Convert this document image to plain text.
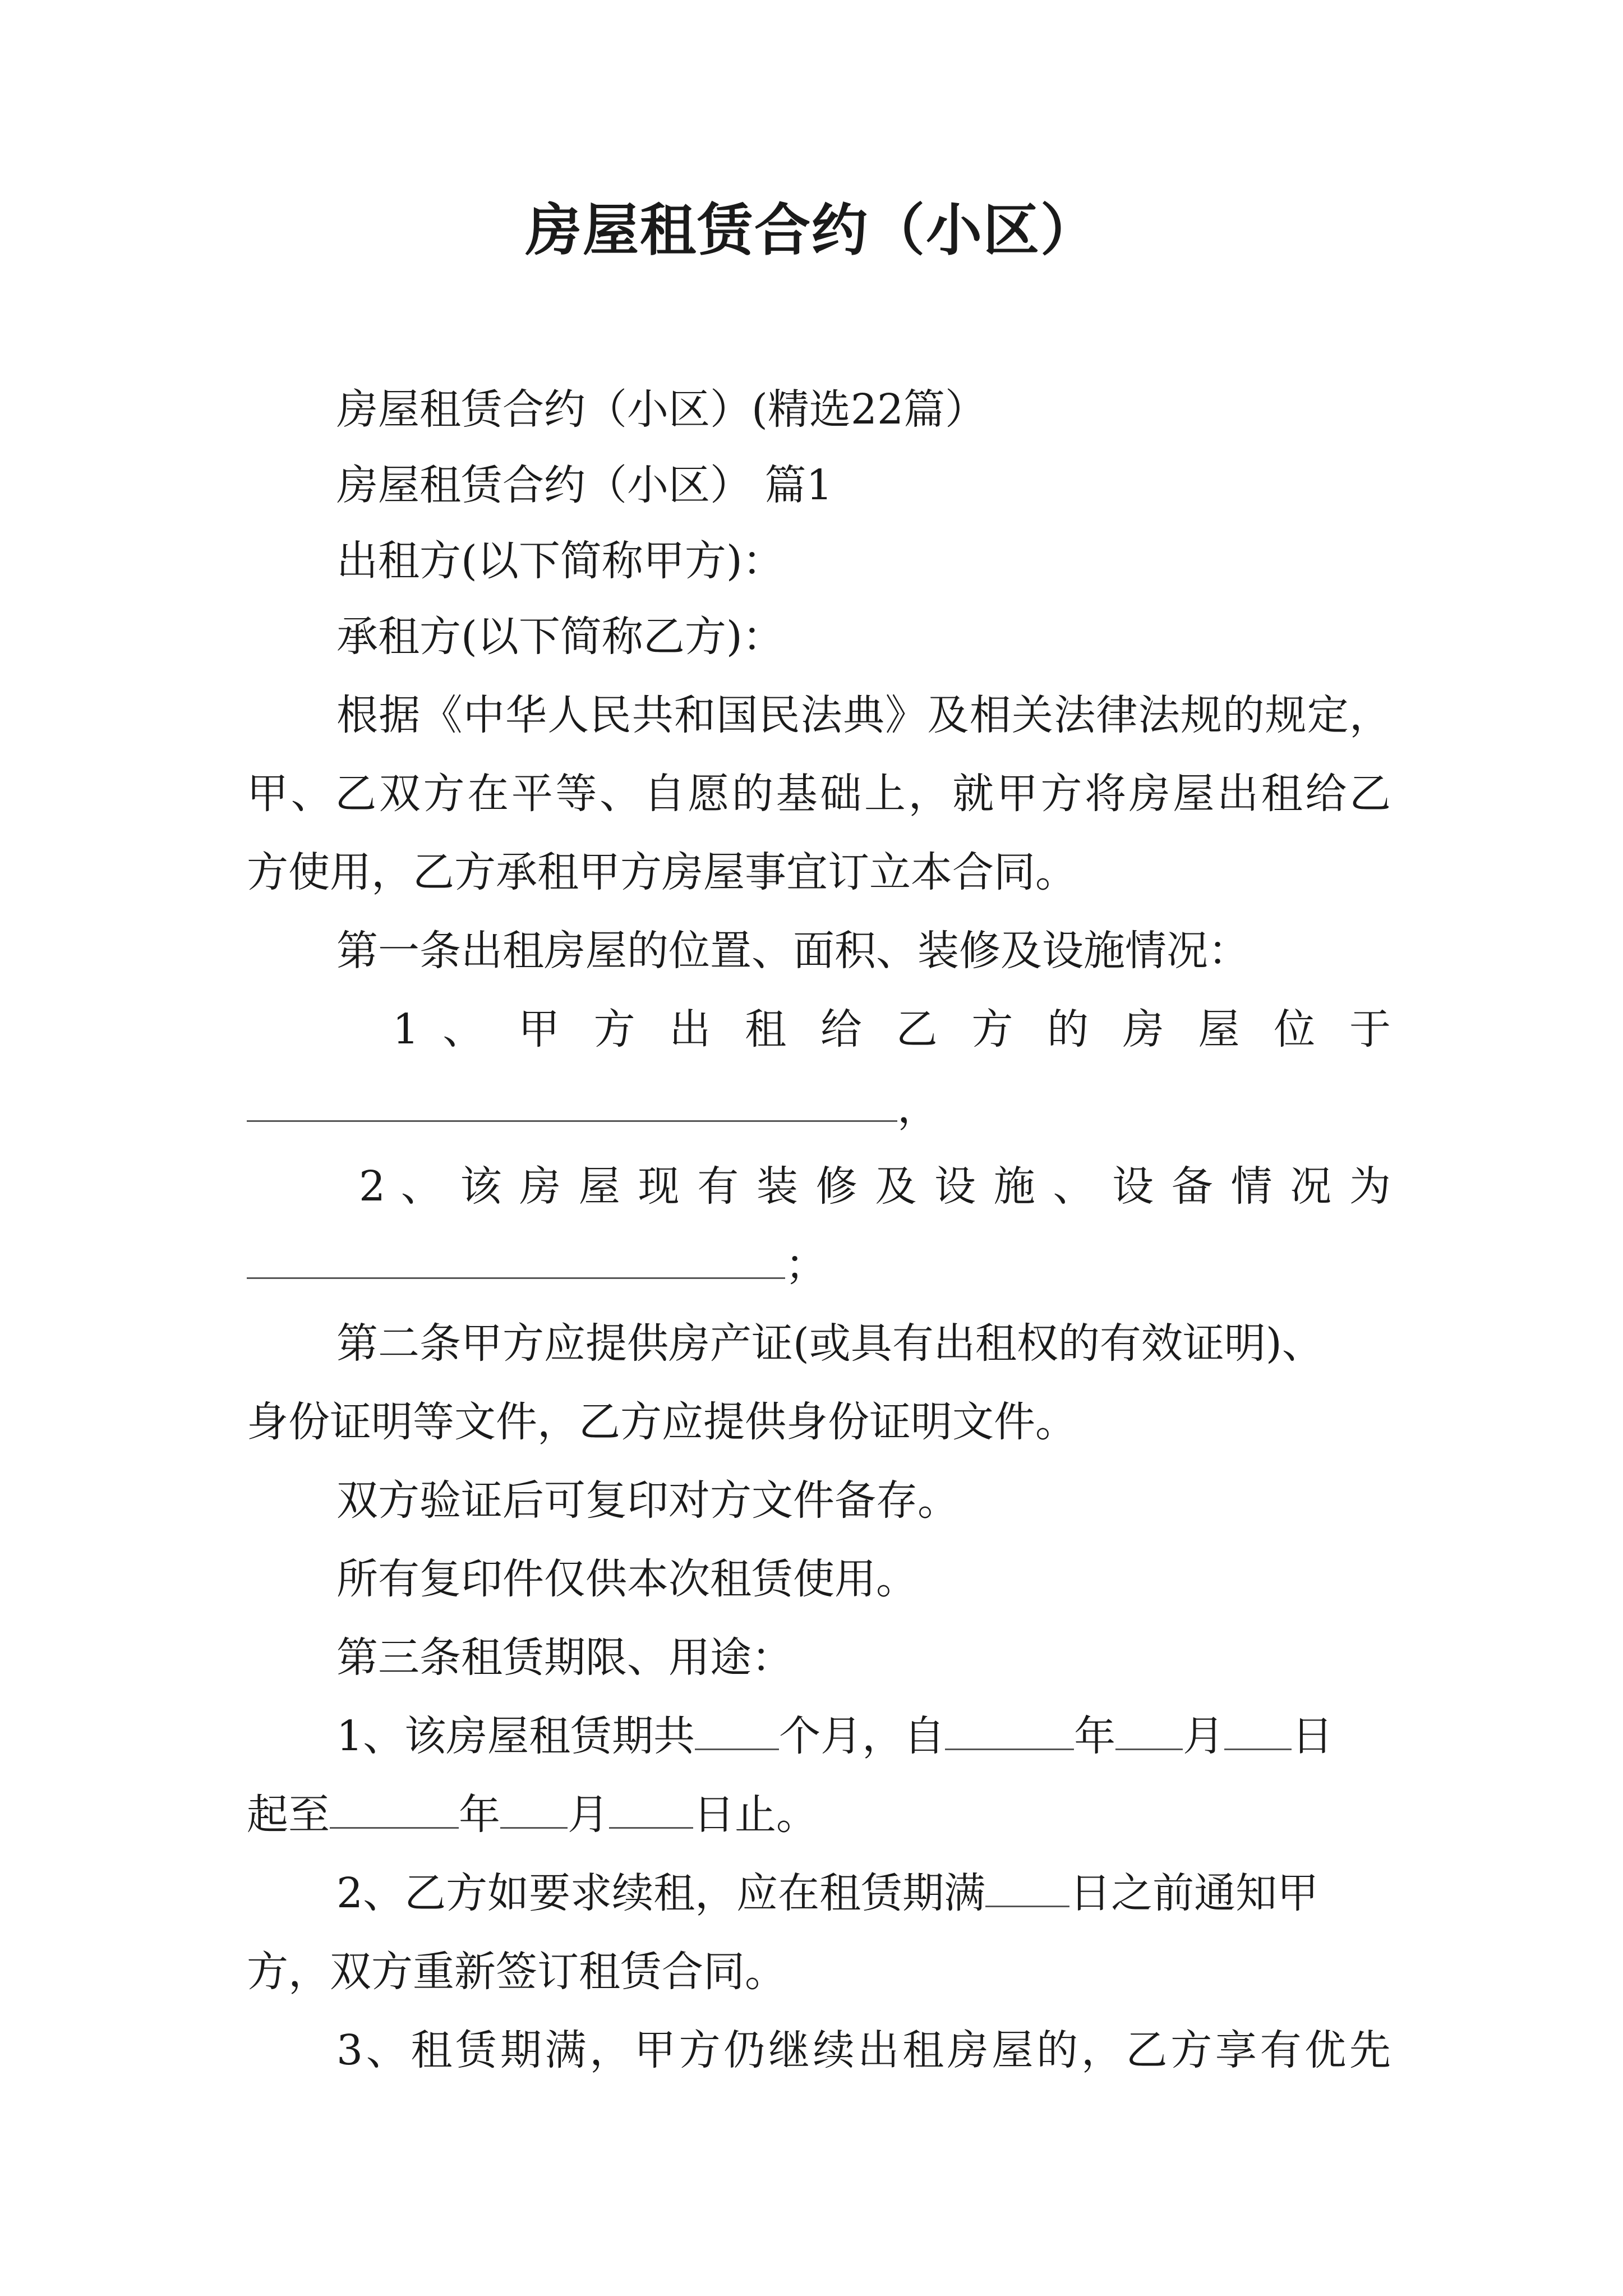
房屋租赁合约（小区）
房屋租赁合约（小区）(精选22篇）
房屋租赁合约（小区） 篇1
出租方(以下简称甲方)：
承租方(以下简称乙方)：
根据《中华人民共和国民法典》及相关法律法规的规定，
甲、乙双方在平等、自愿的基础上，就甲方将房屋出租给乙
方使用，乙方承租甲方房屋事宜订立本合同。
第一条出租房屋的位置、面积、装修及设施情况：
1 、 甲 方 出 租 给 乙 方 的 房 屋 位 于
，
2 、 该 房 屋 现 有 装 修 及 设 施 、 设 备 情 况 为
；
第二条甲方应提供房产证(或具有出租权的有效证明)、
身份证明等文件，乙方应提供身份证明文件。
双方验证后可复印对方文件备存。
所有复印件仅供本次租赁使用。
第三条租赁期限、用途：
1、该房屋租赁期共 个月，自	年 月 日
起至	年 月 日止。
2、乙方如要求续租，应在租赁期满 日之前通知甲
方，双方重新签订租赁合同。
3、租赁期满，甲方仍继续出租房屋的，乙方享有优先
